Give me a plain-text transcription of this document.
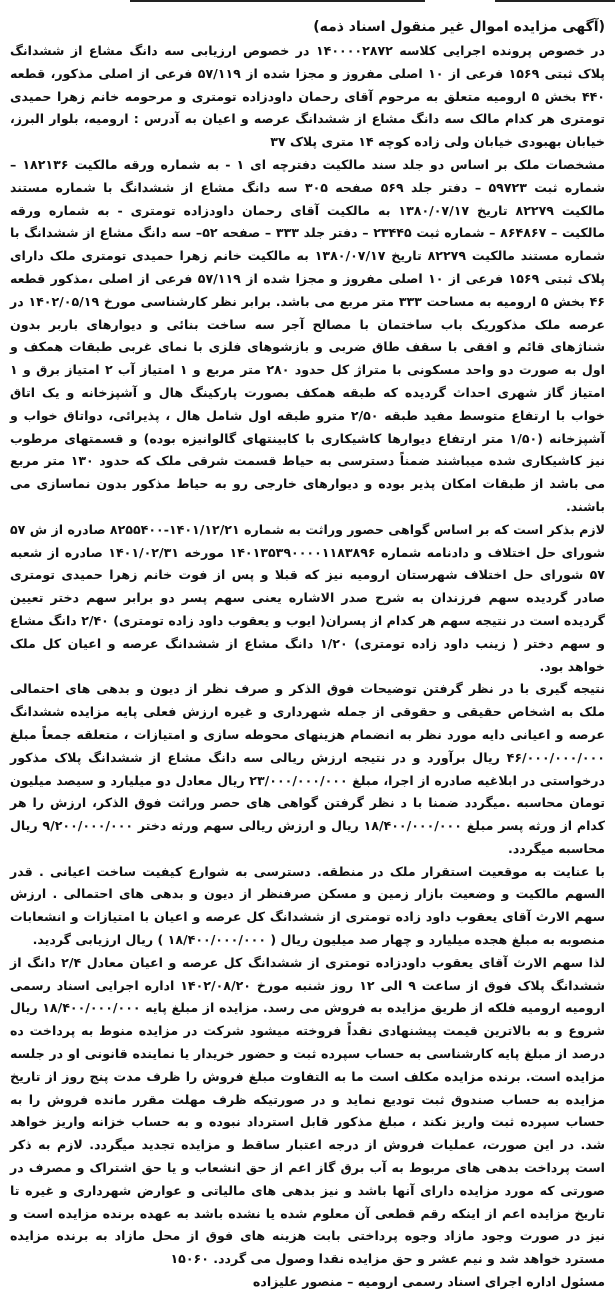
(آگهی مزایده اموال غیر منقول اسناد ذمه)

در خصوص پرونده اجرایی کلاسه ۱۴۰۰۰۰۲۸۷۲ در خصوص ارزیابی سه دانگ مشاع از ششدانگ پلاک ثبتی ۱۵۶۹ فرعی از ۱۰ اصلی مفروز و مجزا شده از ۵۷/۱۱۹ فرعی از اصلی مذکور، قطعه ۴۴۰ بخش ۵ ارومیه متعلق به مرحوم آقای رحمان داودزاده تومتری و مرحومه خانم زهرا حمیدی تومتری هر کدام مالک سه دانگ مشاع از ششدانگ عرصه و اعیان به آدرس : ارومیه، بلوار البرز، خیابان بهبودی خیابان ولی زاده کوچه ۱۴ متری پلاک ۳۷

مشخصات ملک بر اساس دو جلد سند مالکیت دفترچه ای ۱ - به شماره ورقه مالکیت ۱۸۲۱۳۶ – شماره ثبت ۵۹۷۲۳ – دفتر جلد ۵۶۹ صفحه ۳۰۵ سه دانگ مشاع از ششدانگ با شماره مستند مالکیت ۸۲۲۷۹ تاریخ ۱۳۸۰/۰۷/۱۷ به مالکیت آقای رحمان داودزاده تومتری - به شماره ورقه مالکیت – ۸۶۴۸۶۷ – شماره ثبت ۲۳۴۴۵ – دفتر جلد ۳۳۳ – صفحه ۵۲– سه دانگ مشاع از ششدانگ با شماره مستند مالکیت ۸۲۲۷۹ تاریخ ۱۳۸۰/۰۷/۱۷ به مالکیت خانم زهرا حمیدی تومتری ملک دارای پلاک ثبتی ۱۵۶۹ فرعی از ۱۰ اصلی مفروز و مجزا شده از ۵۷/۱۱۹ فرعی از اصلی ،مذکور قطعه ۴۶ بخش ۵ ارومیه به مساحت ۳۳۳ متر مربع می باشد. برابر نظر کارشناسی مورخ ۱۴۰۲/۰۵/۱۹ در عرصه ملک مذکوریک باب ساختمان با مصالح آجر سه ساخت بنائی و دیوارهای باربر بدون شناژهای قائم و افقی با سقف طاق ضربی و بازشوهای فلزی با نمای غربی طبقات همکف و اول به صورت دو واحد مسکونی با متراژ کل حدود ۲۸۰ متر مربع و ۱ امتیاز آب ۲ امتیاز برق و ۱ امتیاز گاز شهری احداث گردیده که طبقه همکف بصورت پارکینگ هال و آشپزخانه و یک اتاق خواب با ارتفاع متوسط مفید طبقه ۲/۵۰ مترو طبقه اول شامل هال ، پذیرائی، دواتاق خواب و آشپزخانه (۱/۵۰ متر ارتفاع دیوارها کاشیکاری با کابینتهای گالوانیزه بوده) و قسمتهای مرطوب نیز کاشیکاری شده میباشند ضمناً دسترسی به حیاط قسمت شرقی ملک که حدود ۱۳۰ متر مربع می باشد از طبقات امکان پذیر بوده و دیوارهای خارجی رو به حیاط مذکور بدون نماسازی می باشند.

لازم بذکر است که بر اساس گواهی حصور وراثت به شماره ۱۴۰۱/۱۲/۲۱-۸۲۵۵۴۰۰ صادره از ش ۵۷ شورای حل اختلاف و دادنامه شماره ۱۴۰۱۳۵۳۹۰۰۰۰۱۱۸۳۸۹۶ مورخه ۱۴۰۱/۰۲/۳۱ صادره از شعبه ۵۷ شورای حل اختلاف شهرستان ارومیه نیز که قبلا و پس از فوت خانم زهرا حمیدی تومتری صادر گردیده سهم فرزندان به شرح صدر الاشاره یعنی سهم پسر دو برابر سهم دختر تعیین گردیده است در نتیجه سهم هر کدام از پسران( ایوب و یعقوب داود زاده تومتری) ۲/۴۰ دانگ مشاع و سهم دختر ( زینب داود زاده تومتری) ۱/۲۰ دانگ مشاع از ششدانگ عرصه و اعیان کل ملک خواهد بود.

نتیجه گیری با در نظر گرفتن توضیحات فوق الذکر و صرف نظر از دیون و بدهی های احتمالی ملک به اشخاص حقیقی و حقوقی از جمله شهرداری و غیره ارزش فعلی پایه مزایده ششدانگ عرصه و اعیانی دایه مورد نظر به انضمام هزینهای محوطه سازی و امتیازات ، متعلقه جمعاً مبلغ ۴۶/۰۰۰/۰۰۰/۰۰۰ ریال برآورد و در نتیجه ارزش ریالی سه دانگ مشاع از ششدانگ پلاک مذکور درخواستی در ابلاغیه صادره از اجرا، مبلغ ۲۳/۰۰۰/۰۰۰/۰۰۰ ریال معادل دو میلیارد و سیصد میلیون تومان محاسبه .میگردد ضمنا با د نظر گرفتن گواهی های حصر وراثت فوق الذکر، ارزش را هر کدام از ورثه پسر مبلغ ۱۸/۴۰۰/۰۰۰/۰۰۰ ریال و ارزش ریالی سهم ورثه دختر ۹/۲۰۰/۰۰۰/۰۰۰ ریال محاسبه میگردد.

با عنایت به موقعیت استقرار ملک در منطقه. دسترسی به شوارع کیفیت ساخت اعیانی . قدر السهم مالکیت و وضعیت بازار زمین و مسکن صرفنظر از دیون و بدهی های احتمالی . ارزش سهم الارث آقای یعقوب داود زاده تومتری از ششدانگ کل عرصه و اعیان با امتیازات و انشعابات منصوبه به مبلغ هجده میلیارد و چهار صد میلیون ریال ( ۱۸/۴۰۰/۰۰۰/۰۰۰ ) ریال ارزیابی گردید.

لذا سهم الارث آقای یعقوب داودزاده تومتری از ششدانگ کل عرصه و اعیان معادل ۲/۴ دانگ از ششدانگ پلاک فوق از ساعت ۹ الی ۱۲ روز شنبه مورخ ۱۴۰۲/۰۸/۲۰ اداره اجرایی اسناد رسمی ارومیه ارومیه فلکه از طریق مزایده به فروش می رسد. مزایده از مبلغ پایه ۱۸/۴۰۰/۰۰۰/۰۰۰ ریال شروع و به بالاترین قیمت پیشنهادی نقداً فروخته میشود شرکت در مزایده منوط به پرداخت ده درصد از مبلغ پایه کارشناسی به حساب سپرده ثبت و حضور خریدار یا نماینده قانونی او در جلسه مزایده است. برنده مزایده مکلف است ما به التفاوت مبلغ فروش را ظرف مدت پنج روز از تاریخ مزایده به حساب صندوق ثبت تودیع نماید و در صورتیکه ظرف مهلت مقرر مانده فروش را به حساب سپرده ثبت واریز نکند ، مبلغ مذکور قابل استرداد نبوده و به حساب خزانه واریز خواهد شد. در این صورت، عملیات فروش از درجه اعتبار ساقط و مزایده تجدید میگردد. لازم به ذکر است پرداخت بدهی های مربوط به آب برق گاز اعم از حق انشعاب و یا حق اشتراک و مصرف در صورتی که مورد مزایده دارای آنها باشد و نیز بدهی های مالیاتی و عوارض شهرداری و غیره تا تاریخ مزایده اعم از اینکه رقم قطعی آن معلوم شده یا نشده باشد به عهده برنده مزایده است و نیز در صورت وجود مازاد وجوه پرداختی بابت هزینه های فوق از محل مازاد به برنده مزایده مسترد خواهد شد و نیم عشر و حق مزایده نقدا وصول می گردد. ۱۵۰۶۰

مسئول اداره اجرای اسناد رسمی ارومیه – منصور علیزاده
